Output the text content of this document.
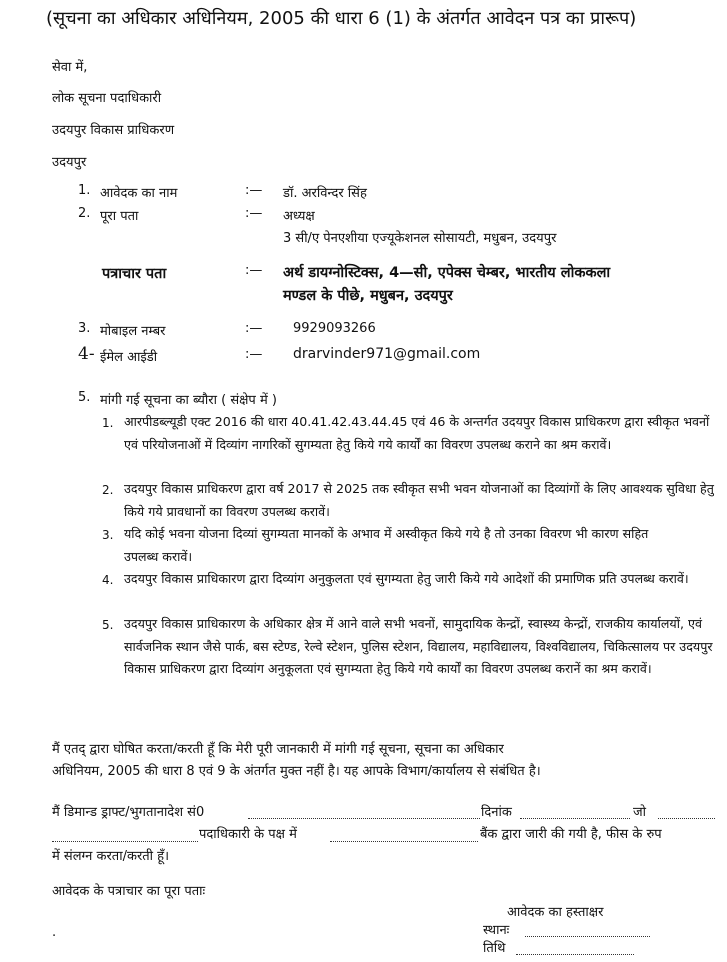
(सूचना का अधिकार अधिनियम, 2005 की धारा 6 (1) के अंतर्गत आवेदन पत्र का प्रारूप)
सेवा में,
लोक सूचना पदाधिकारी
उदयपुर विकास प्राधिकरण
उदयपुर
1. आवेदक का नाम	:— डॉ. अरविन्दर सिंह
2. पूरा पता	:— अध्यक्ष
3 सी/ए पेनएशीया एज्यूकेशनल सोसायटी, मधुबन, उदयपुर
पत्राचार पता	:— अर्थ डायग्नोस्टिक्स, 4—सी, एपेक्स चेम्बर, भारतीय लोककला
मण्डल के पीछे, मधुबन, उदयपुर
3. मोबाइल नम्बर	:— 9929093266
4- ईमेल आईडी	:— drarvinder971@gmail.com
5. मांगी गई सूचना का ब्यौरा ( संक्षेप में )
1. आरपीडब्ल्यूडी एक्ट 2016 की धारा 40.41.42.43.44.45 एवं 46 के अन्तर्गत उदयपुर विकास प्राधिकरण द्वारा स्वीकृत भवनों एवं परियोजनाओं में दिव्यांग नागरिकों सुगम्यता हेतु किये गये कार्यों का विवरण उपलब्ध कराने का श्रम करावें।
2. उदयपुर विकास प्राधिकरण द्वारा वर्ष 2017 से 2025 तक स्वीकृत सभी भवन योजनाओं का दिव्यांगों के लिए आवश्यक सुविधा हेतु किये गये प्रावधानों का विवरण उपलब्ध करावें।
3. यदि कोई भवना योजना दिव्यां सुगम्यता मानकों के अभाव में अस्वीकृत किये गये है तो उनका विवरण भी कारण सहित उपलब्ध करावें।
4. उदयपुर विकास प्राधिकारण द्वारा दिव्यांग अनुकुलता एवं सुगम्यता हेतु जारी किये गये आदेशों की प्रमाणिक प्रति उपलब्ध करावें।
5. उदयपुर विकास प्राधिकारण के अधिकार क्षेत्र में आने वाले सभी भवनों, सामुदायिक केन्द्रों, स्वास्थ्य केन्द्रों, राजकीय कार्यालयों, एवं सार्वजनिक स्थान जैसे पार्क, बस स्टेण्ड, रेल्वे स्टेशन, पुलिस स्टेशन, विद्यालय, महाविद्यालय, विश्वविद्यालय, चिकित्सालय पर उदयपुर विकास प्राधिकरण द्वारा दिव्यांग अनुकूलता एवं सुगम्यता हेतु किये गये कार्यों का विवरण उपलब्ध करानें का श्रम करावें।
मैं एतद् द्वारा घोषित करता/करती हूँ कि मेरी पूरी जानकारी में मांगी गई सूचना, सूचना का अधिकार
अधिनियम, 2005 की धारा 8 एवं 9 के अंतर्गत मुक्त नहीं है। यह आपके विभाग/कार्यालय से संबंधित है।
मैं डिमान्ड ड्राफ्ट/भुगतानादेश सं0	दिनांक	जो
पदाधिकारी के पक्ष में	बैंक द्वारा जारी की गयी है, फीस के रुप
में संलग्न करता/करती हूँ।
आवेदक के पत्राचार का पूरा पताः
.
आवेदक का हस्ताक्षर
स्थानः
तिथि
